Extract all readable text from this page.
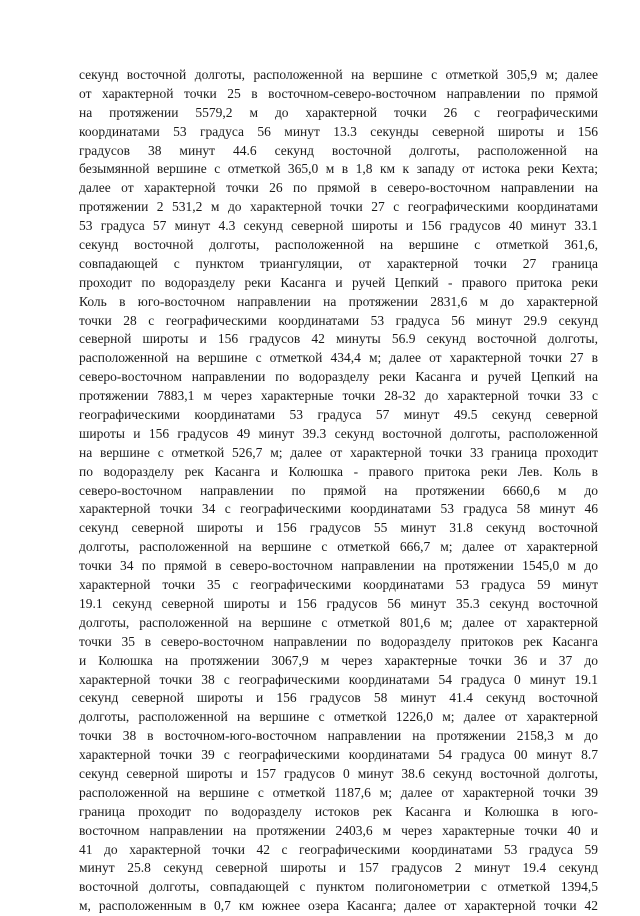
секунд восточной долготы, расположенной на вершине с отметкой 305,9 м; далее
от характерной точки 25 в восточном-северо-восточном направлении по прямой
на протяжении 5579,2 м до характерной точки 26 с географическими
координатами 53 градуса 56 минут 13.3 секунды северной широты и 156
градусов 38 минут 44.6 секунд восточной долготы, расположенной на
безымянной вершине с отметкой 365,0 м в 1,8 км к западу от истока реки Кехта;
далее от характерной точки 26 по прямой в северо-восточном направлении на
протяжении 2 531,2 м до характерной точки 27 с географическими координатами
53 градуса 57 минут 4.3 секунд северной широты и 156 градусов 40 минут 33.1
секунд восточной долготы, расположенной на вершине с отметкой 361,6,
совпадающей с пунктом триангуляции, от характерной точки 27 граница
проходит по водоразделу реки Касанга и ручей Цепкий - правого притока реки
Коль в юго-восточном направлении на протяжении 2831,6 м до характерной
точки 28 с географическими координатами 53 градуса 56 минут 29.9 секунд
северной широты и 156 градусов 42 минуты 56.9 секунд восточной долготы,
расположенной на вершине с отметкой 434,4 м; далее от характерной точки 27 в
северо-восточном направлении по водоразделу реки Касанга и ручей Цепкий на
протяжении 7883,1 м через характерные точки 28-32 до характерной точки 33 с
географическими координатами 53 градуса 57 минут 49.5 секунд северной
широты и 156 градусов 49 минут 39.3 секунд восточной долготы, расположенной
на вершине с отметкой 526,7 м; далее от характерной точки 33 граница проходит
по водоразделу рек Касанга и Колюшка - правого притока реки Лев. Коль в
северо-восточном направлении по прямой на протяжении 6660,6 м до
характерной точки 34 с географическими координатами 53 градуса 58 минут 46
секунд северной широты и 156 градусов 55 минут 31.8 секунд восточной
долготы, расположенной на вершине с отметкой 666,7 м; далее от характерной
точки 34 по прямой в северо-восточном направлении на протяжении 1545,0 м до
характерной точки 35 с географическими координатами 53 градуса 59 минут
19.1 секунд северной широты и 156 градусов 56 минут 35.3 секунд восточной
долготы, расположенной на вершине с отметкой 801,6 м; далее от характерной
точки 35 в северо-восточном направлении по водоразделу притоков рек Касанга
и Колюшка на протяжении 3067,9 м через характерные точки 36 и 37 до
характерной точки 38 с географическими координатами 54 градуса 0 минут 19.1
секунд северной широты и 156 градусов 58 минут 41.4 секунд восточной
долготы, расположенной на вершине с отметкой 1226,0 м; далее от характерной
точки 38 в восточном-юго-восточном направлении на протяжении 2158,3 м до
характерной точки 39 с географическими координатами 54 градуса 00 минут 8.7
секунд северной широты и 157 градусов 0 минут 38.6 секунд восточной долготы,
расположенной на вершине с отметкой 1187,6 м; далее от характерной точки 39
граница проходит по водоразделу истоков рек Касанга и Колюшка в юго-
восточном направлении на протяжении 2403,6 м через характерные точки 40 и
41 до характерной точки 42 с географическими координатами 53 градуса 59
минут 25.8 секунд северной широты и 157 градусов 2 минут 19.4 секунд
восточной долготы, совпадающей с пунктом полигонометрии с отметкой 1394,5
м, расположенным в 0,7 км южнее озера Касанга; далее от характерной точки 42
